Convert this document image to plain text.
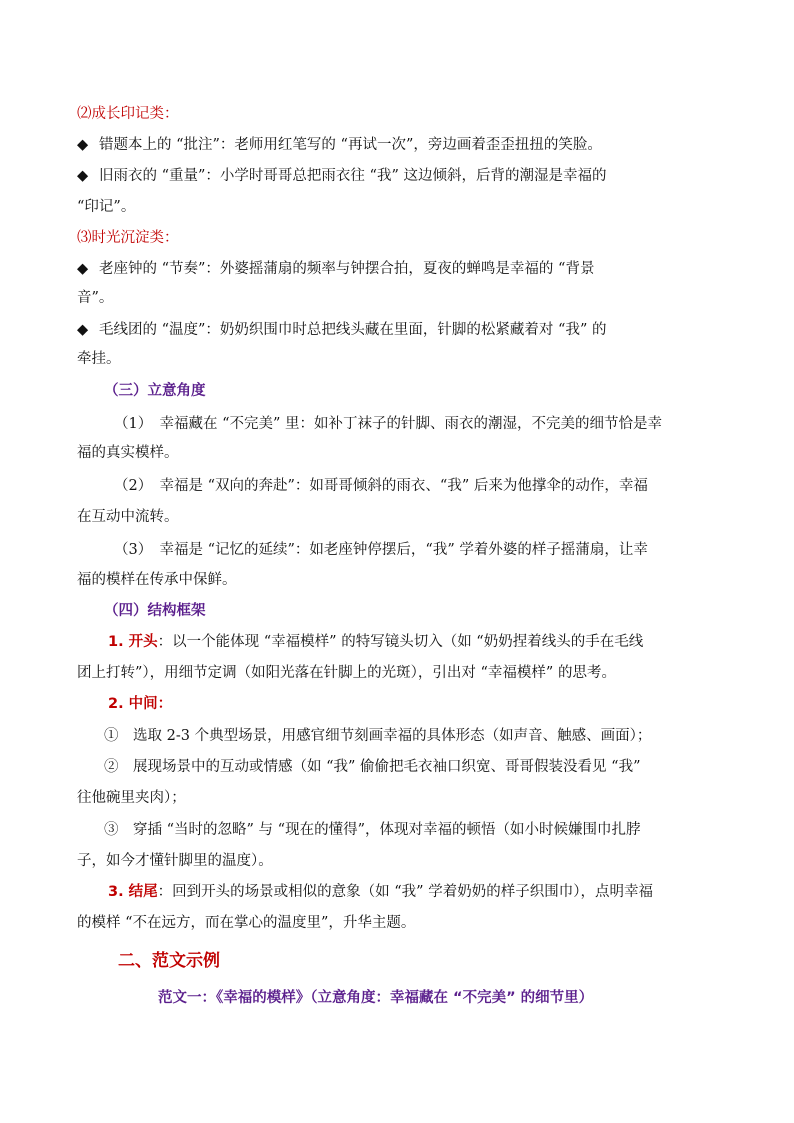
⑵成长印记类：
◆ 错题本上的 “批注”：老师用红笔写的 “再试一次”，旁边画着歪歪扭扭的笑脸。
◆ 旧雨衣的 “重量”：小学时哥哥总把雨衣往 “我” 这边倾斜，后背的潮湿是幸福的
“印记”。
⑶时光沉淀类：
◆ 老座钟的 “节奏”：外婆摇蒲扇的频率与钟摆合拍，夏夜的蝉鸣是幸福的 “背景
音”。
◆ 毛线团的 “温度”：奶奶织围巾时总把线头藏在里面，针脚的松紧藏着对 “我” 的
牵挂。
（三）立意角度
（1）　幸福藏在 “不完美” 里：如补丁袜子的针脚、雨衣的潮湿，不完美的细节恰是幸
福的真实模样。
（2）　幸福是 “双向的奔赴”：如哥哥倾斜的雨衣、“我” 后来为他撑伞的动作，幸福
在互动中流转。
（3）　幸福是 “记忆的延续”：如老座钟停摆后，“我” 学着外婆的样子摇蒲扇，让幸
福的模样在传承中保鲜。
（四）结构框架
1. 开头：以一个能体现 “幸福模样” 的特写镜头切入（如 “奶奶捏着线头的手在毛线
团上打转”），用细节定调（如阳光落在针脚上的光斑），引出对 “幸福模样” 的思考。
2. 中间：
①　选取 2-3 个典型场景，用感官细节刻画幸福的具体形态（如声音、触感、画面）；
②　展现场景中的互动或情感（如 “我” 偷偷把毛衣袖口织宽、哥哥假装没看见 “我”
往他碗里夹肉）；
③　穿插 “当时的忽略” 与 “现在的懂得”，体现对幸福的顿悟（如小时候嫌围巾扎脖
子，如今才懂针脚里的温度）。
3. 结尾：回到开头的场景或相似的意象（如 “我” 学着奶奶的样子织围巾），点明幸福
的模样 “不在远方，而在掌心的温度里”，升华主题。
二、范文示例
范文一：《幸福的模样》（立意角度：幸福藏在 “不完美” 的细节里）
